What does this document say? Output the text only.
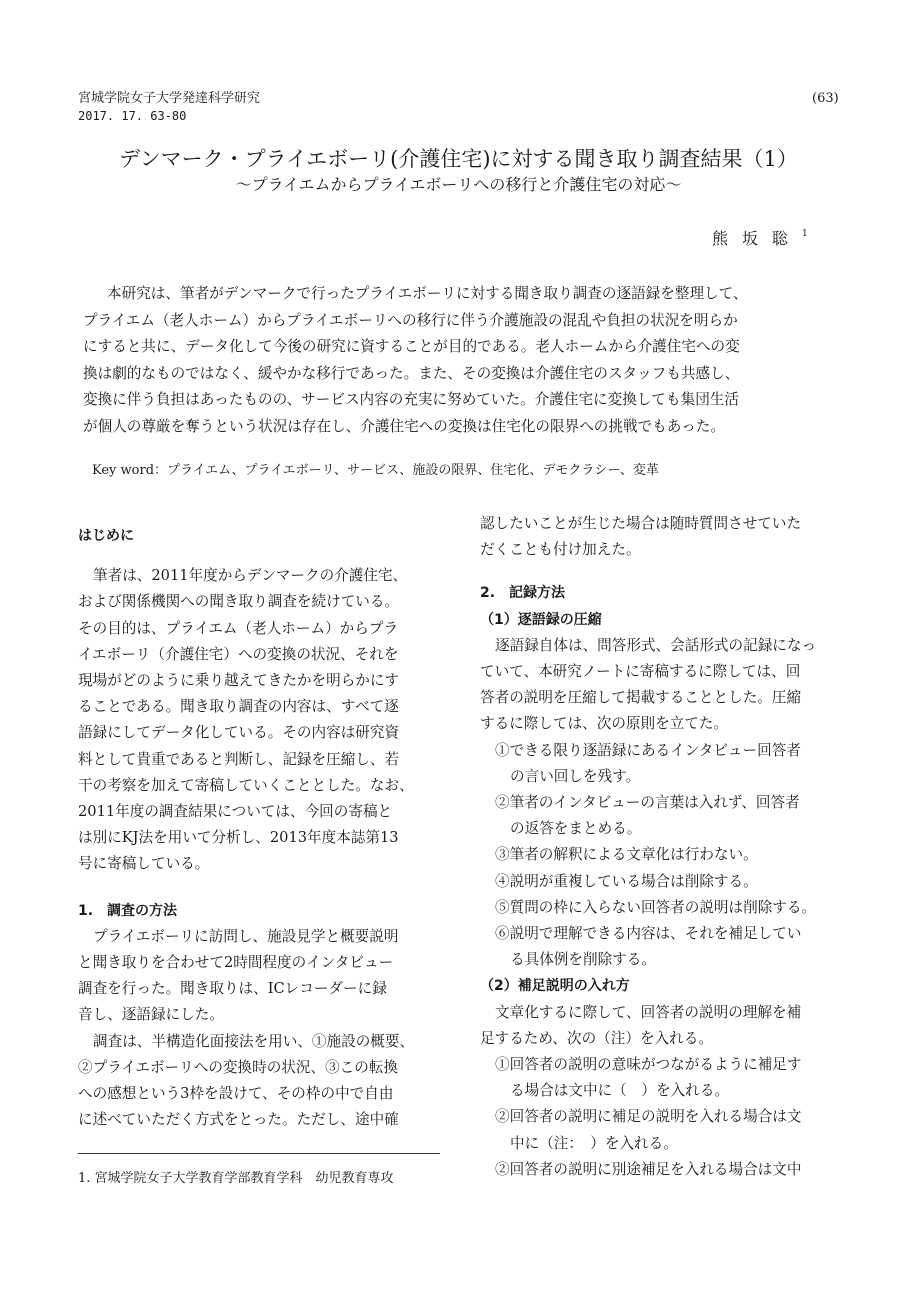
宮城学院女子大学発達科学研究
2017. 17. 63-80
(63)
デンマーク・プライエボーリ(介護住宅)に対する聞き取り調査結果（1）
〜プライエムからプライエボーリへの移行と介護住宅の対応〜
熊坂聡$^1$
本研究は、筆者がデンマークで行ったプライエボーリに対する聞き取り調査の逐語録を整理して、
プライエム（老人ホーム）からプライエボーリへの移行に伴う介護施設の混乱や負担の状況を明らか
にすると共に、データ化して今後の研究に資することが目的である。老人ホームから介護住宅への変
換は劇的なものではなく、緩やかな移行であった。また、その変換は介護住宅のスタッフも共感し、
変換に伴う負担はあったものの、サービス内容の充実に努めていた。介護住宅に変換しても集団生活
が個人の尊厳を奪うという状況は存在し、介護住宅への変換は住宅化の限界への挑戦でもあった。
Key word：プライエム、プライエボーリ、サービス、施設の限界、住宅化、デモクラシー、変革
はじめに
筆者は、2011年度からデンマークの介護住宅、
および関係機関への聞き取り調査を続けている。
その目的は、プライエム（老人ホーム）からプラ
イエボーリ（介護住宅）への変換の状況、それを
現場がどのように乗り越えてきたかを明らかにす
ることである。聞き取り調査の内容は、すべて逐
語録にしてデータ化している。その内容は研究資
料として貴重であると判断し、記録を圧縮し、若
干の考察を加えて寄稿していくこととした。なお、
2011年度の調査結果については、今回の寄稿と
は別にKJ法を用いて分析し、2013年度本誌第13
号に寄稿している。
1.　調査の方法
プライエボーリに訪問し、施設見学と概要説明
と聞き取りを合わせて2時間程度のインタビュー
調査を行った。聞き取りは、ICレコーダーに録
音し、逐語録にした。
調査は、半構造化面接法を用い、①施設の概要、
②プライエボーリへの変換時の状況、③この転換
への感想という3枠を設けて、その枠の中で自由
に述べていただく方式をとった。ただし、途中確
1. 宮城学院女子大学教育学部教育学科　幼児教育専攻
認したいことが生じた場合は随時質問させていた
だくことも付け加えた。
2.　記録方法
（1）逐語録の圧縮
逐語録自体は、問答形式、会話形式の記録になっ
ていて、本研究ノートに寄稿するに際しては、回
答者の説明を圧縮して掲載することとした。圧縮
するに際しては、次の原則を立てた。
①できる限り逐語録にあるインタビュー回答者
の言い回しを残す。
②筆者のインタビューの言葉は入れず、回答者
の返答をまとめる。
③筆者の解釈による文章化は行わない。
④説明が重複している場合は削除する。
⑤質問の枠に入らない回答者の説明は削除する。
⑥説明で理解できる内容は、それを補足してい
る具体例を削除する。
（2）補足説明の入れ方
文章化するに際して、回答者の説明の理解を補
足するため、次の（注）を入れる。
①回答者の説明の意味がつながるように補足す
る場合は文中に（　）を入れる。
②回答者の説明に補足の説明を入れる場合は文
中に（注：　）を入れる。
②回答者の説明に別途補足を入れる場合は文中
